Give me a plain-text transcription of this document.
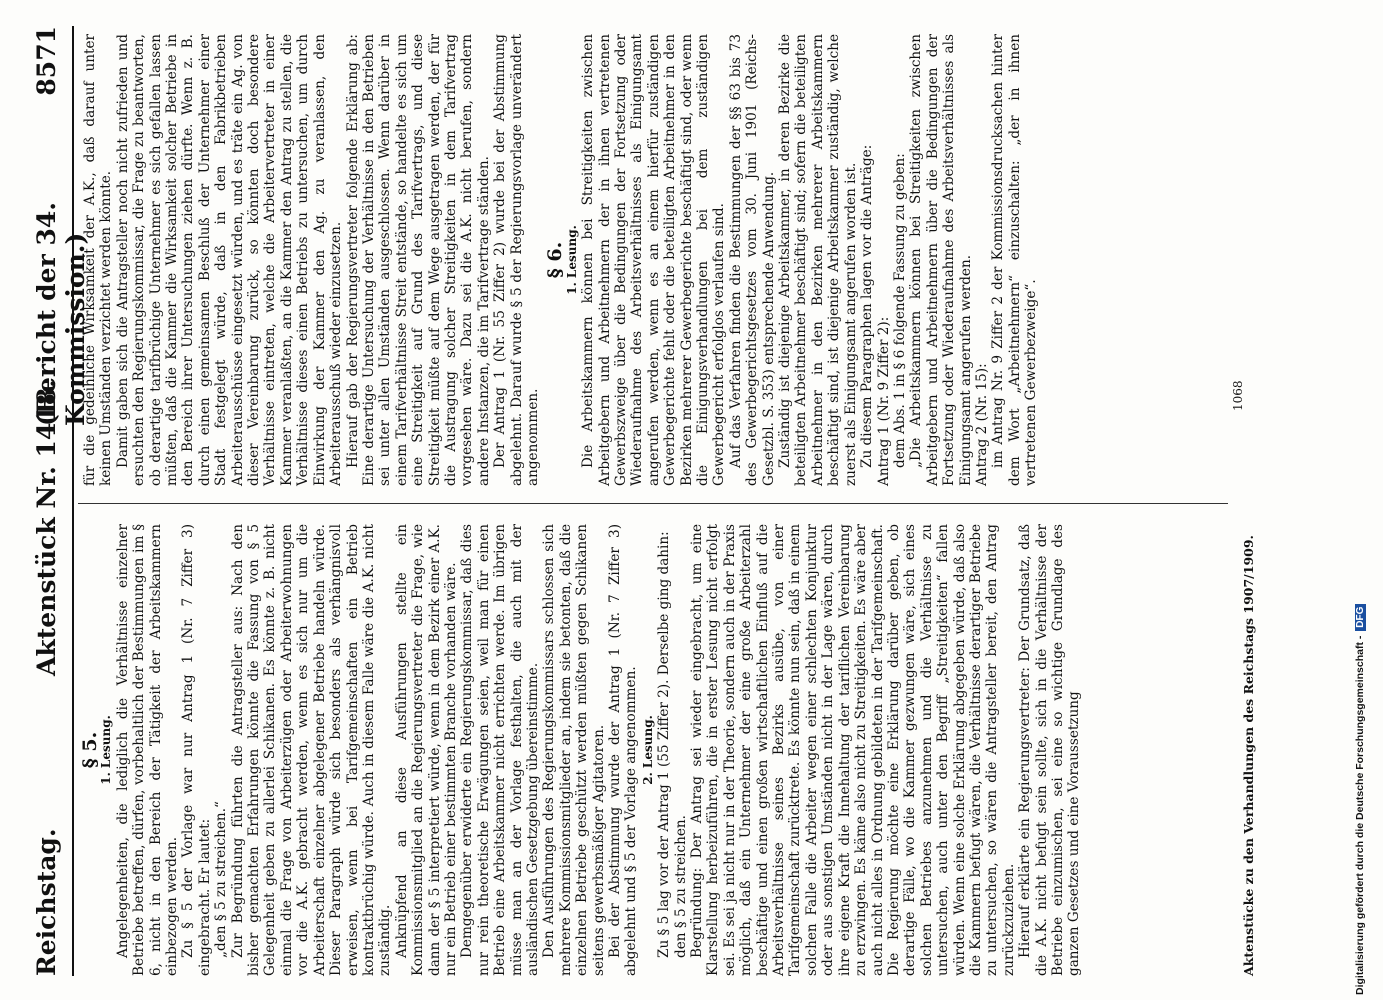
Reichstag.
Aktenstück Nr. 1418.
(Bericht der 34. Kommission.)
8571

§ 5.

1. Lesung. Angelegenheiten, die lediglich die Verhältnisse einzelner Betriebe betreffen, dürfen, vorbehaltlich der Bestimmungen im § 6, nicht in den Bereich der Tätigkeit der Arbeitskammern einbezogen werden. Zu § 5 der Vorlage war nur Antrag 1 (Nr. 7 Ziffer 3) eingebracht. Er lautet: „den § 5 zu streichen.“ Zur Begründung führten die Antragsteller aus: Nach den bisher gemachten Erfahrungen könnte die Fassung von § 5 Gelegenheit geben zu allerlei Schikanen. Es könnte z. B. nicht einmal die Frage von Arbeiterzügen oder Arbeiterwohnungen vor die A.K. gebracht werden, wenn es sich nur um die Arbeiterschaft einzelner abgelegener Betriebe handeln würde. Dieser Paragraph würde sich besonders als verhängnisvoll erweisen, wenn bei Tarifgemeinschaften ein Betrieb kontraktbrüchig würde. Auch in diesem Falle wäre die A.K. nicht zuständig. Anknüpfend an diese Ausführungen stellte ein Kommissionsmitglied an die Regierungsvertreter die Frage, wie dann der § 5 interpretiert würde, wenn in dem Bezirk einer A.K. nur ein Betrieb einer bestimmten Branche vorhanden wäre. Demgegenüber erwiderte ein Regierungskommissar, daß dies nur rein theoretische Erwägungen seien, weil man für einen Betrieb eine Arbeitskammer nicht errichten werde. Im übrigen müsse man an der Vorlage festhalten, die auch mit der ausländischen Gesetzgebung übereinstimme. Den Ausführungen des Regierungskommissars schlossen sich mehrere Kommissionsmitglieder an, indem sie betonten, daß die einzelnen Betriebe geschützt werden müßten gegen Schikanen seitens gewerbsmäßiger Agitatoren. Bei der Abstimmung wurde der Antrag 1 (Nr. 7 Ziffer 3) abgelehnt und § 5 der Vorlage angenommen. 2. Lesung. Zu § 5 lag vor der Antrag 1 (55 Ziffer 2). Derselbe ging dahin: den § 5 zu streichen. Begründung: Der Antrag sei wieder eingebracht, um eine Klarstellung herbeizuführen, die in erster Lesung nicht erfolgt sei. Es sei ja nicht nur in der Theorie, sondern auch in der Praxis möglich, daß ein Unternehmer der eine große Arbeiterzahl beschäftige und einen großen wirtschaftlichen Einfluß auf die Arbeitsverhältnisse seines Bezirks ausübe, von einer Tarifgemeinschaft zurücktrete. Es könnte nun sein, daß in einem solchen Falle die Arbeiter wegen einer schlechten Konjunktur oder aus sonstigen Umständen nicht in der Lage wären, durch ihre eigene Kraft die Innehaltung der tariflichen Vereinbarung zu erzwingen. Es käme also nicht zu Streitigkeiten. Es wäre aber auch nicht alles in Ordnung gebildeten in der Tarifgemeinschaft. Die Regierung möchte eine Erklärung darüber geben, ob derartige Fälle, wo die Kammer gezwungen wäre, sich eines solchen Betriebes anzunehmen und die Verhältnisse zu untersuchen, auch unter den Begriff „Streitigkeiten“ fallen würden. Wenn eine solche Erklärung abgegeben würde, daß also die Kammern befugt wären, die Verhältnisse derartiger Betriebe zu untersuchen, so wären die Antragsteller bereit, den Antrag zurückzuziehen. Hierauf erklärte ein Regierungsvertreter: Der Grundsatz, daß die A.K. nicht befugt sein sollte, sich in die Verhältnisse der Betriebe einzumischen, sei eine so wichtige Grundlage des ganzen Gesetzes und eine Voraussetzung

für die gedeihliche Wirksamkeit der A.K., daß darauf unter keinen Umständen verzichtet werden könnte. Damit gaben sich die Antragsteller noch nicht zufrieden und ersuchten den Regierungskommissar, die Frage zu beantworten, ob derartige tarifbrüchige Unternehmer es sich gefallen lassen müßten, daß die Kammer die Wirksamkeit solcher Betriebe in den Bereich ihrer Untersuchungen ziehen dürfte. Wenn z. B. durch einen gemeinsamen Beschluß der Unternehmer einer Stadt festgelegt würde, daß in den Fabrikbetrieben Arbeiterausschüsse eingesetzt würden, und es träte ein Ag. von dieser Vereinbarung zurück, so könnten doch besondere Verhältnisse eintreten, welche die Arbeitervertreter in einer Kammer veranlaßten, an die Kammer den Antrag zu stellen, die Verhältnisse dieses einen Betriebs zu untersuchen, um durch Einwirkung der Kammer den Ag. zu veranlassen, den Arbeiterausschuß wieder einzusetzen. Hierauf gab der Regierungsvertreter folgende Erklärung ab: Eine derartige Untersuchung der Verhältnisse in den Betrieben sei unter allen Umständen ausgeschlossen. Wenn darüber in einem Tarifverhältnisse Streit entstände, so handelte es sich um eine Streitigkeit auf Grund des Tarifvertrags, und diese Streitigkeit müßte auf dem Wege ausgetragen werden, der für die Austragung solcher Streitigkeiten in dem Tarifvertrag vorgesehen wäre. Dazu sei die A.K. nicht berufen, sondern andere Instanzen, die im Tarifvertrage ständen. Der Antrag 1 (Nr. 55 Ziffer 2) wurde bei der Abstimmung abgelehnt. Darauf wurde § 5 der Regierungsvorlage unverändert angenommen.

§ 6.

1. Lesung. Die Arbeitskammern können bei Streitigkeiten zwischen Arbeitgebern und Arbeitnehmern der in ihnen vertretenen Gewerbszweige über die Bedingungen der Fortsetzung oder Wiederaufnahme des Arbeitsverhältnisses als Einigungsamt angerufen werden, wenn es an einem hierfür zuständigen Gewerbegerichte fehlt oder die beteiligten Arbeitnehmer in den Bezirken mehrerer Gewerbegerichte beschäftigt sind, oder wenn die Einigungsverhandlungen bei dem zuständigen Gewerbegericht erfolglos verlaufen sind. Auf das Verfahren finden die Bestimmungen der §§ 63 bis 73 des Gewerbegerichtsgesetzes vom 30. Juni 1901 (Reichs-Gesetzbl. S. 353) entsprechende Anwendung. Zuständig ist diejenige Arbeitskammer, in deren Bezirke die beteiligten Arbeitnehmer beschäftigt sind; sofern die beteiligten Arbeitnehmer in den Bezirken mehrerer Arbeitskammern beschäftigt sind, ist diejenige Arbeitskammer zuständig, welche zuerst als Einigungsamt angerufen worden ist. Zu diesem Paragraphen lagen vor die Anträge: Antrag 1 (Nr. 9 Ziffer 2): dem Abs. 1 in § 6 folgende Fassung zu geben: „Die Arbeitskammern können bei Streitigkeiten zwischen Arbeitgebern und Arbeitnehmern über die Bedingungen der Fortsetzung oder Wiederaufnahme des Arbeitsverhältnisses als Einigungsamt angerufen werden. Antrag 2 (Nr. 15): im Antrag Nr. 9 Ziffer 2 der Kommissionsdrucksachen hinter dem Wort „Arbeitnehmern“ einzuschalten: „der in ihnen vertretenen Gewerbezweige“.

Aktenstücke zu den Verhandlungen des Reichstags 1907/1909.
1068
Digitalisierung gefördert durch die Deutsche Forschungsgemeinschaft - DFG
